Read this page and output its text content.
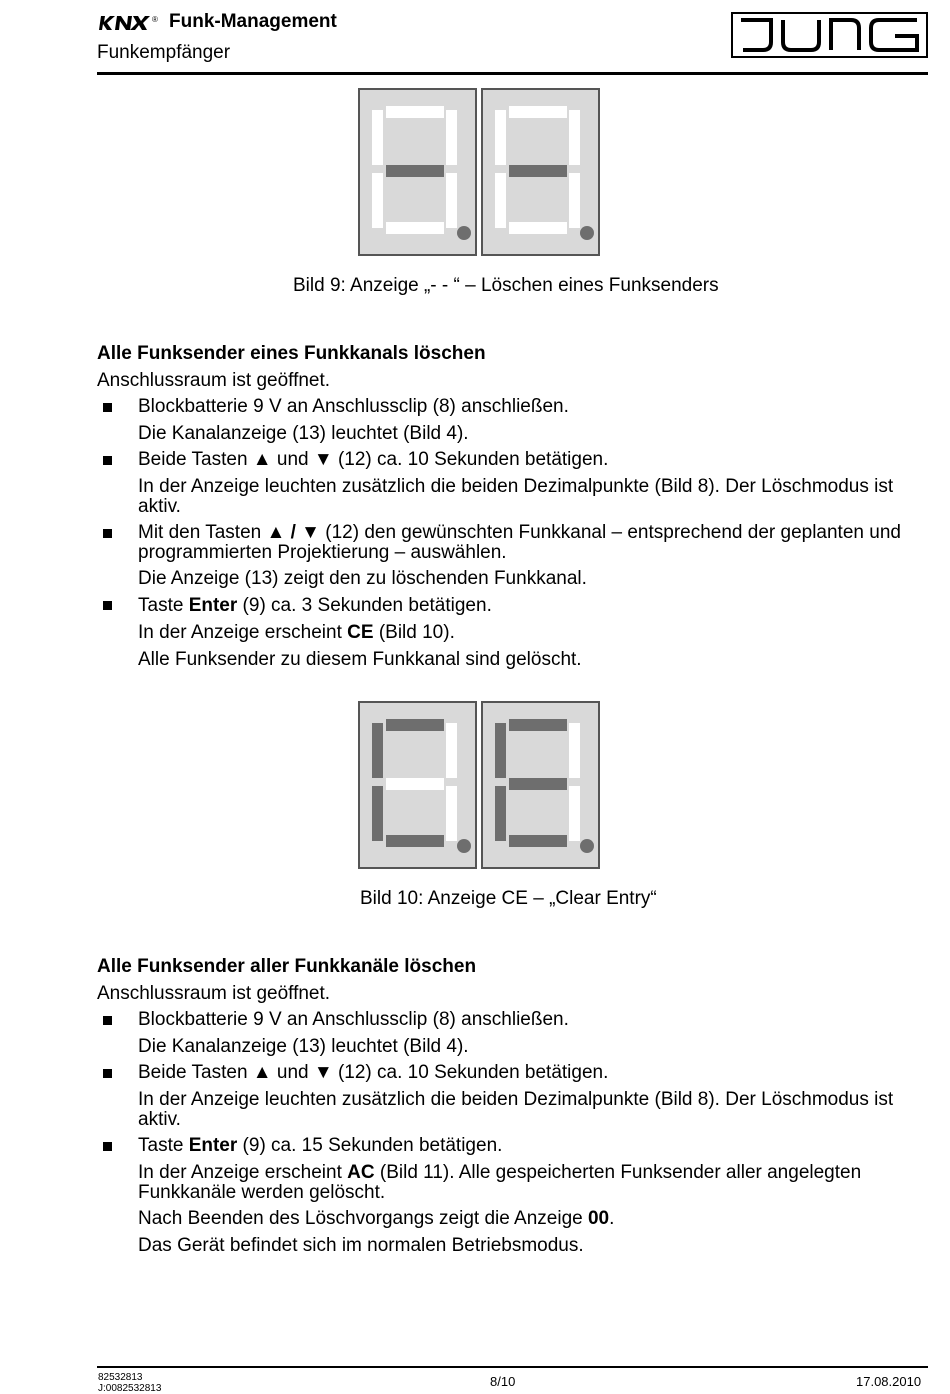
® Funk-Management
Funkempfänger
Bild 9: Anzeige „- - “ – Löschen eines Funksenders
Alle Funksender eines Funkkanals löschen
Anschlussraum ist geöffnet.
Blockbatterie 9 V an Anschlussclip (8) anschließen.
Die Kanalanzeige (13) leuchtet (Bild 4).
Beide Tasten ▲ und ▼ (12) ca. 10 Sekunden betätigen.
In der Anzeige leuchten zusätzlich die beiden Dezimalpunkte (Bild 8). Der Löschmodus ist
aktiv.
Mit den Tasten ▲ / ▼ (12) den gewünschten Funkkanal – entsprechend der geplanten und
programmierten Projektierung – auswählen.
Die Anzeige (13) zeigt den zu löschenden Funkkanal.
Taste Enter (9) ca. 3 Sekunden betätigen.
In der Anzeige erscheint CE (Bild 10).
Alle Funksender zu diesem Funkkanal sind gelöscht.
Bild 10: Anzeige CE – „Clear Entry“
Alle Funksender aller Funkkanäle löschen
Anschlussraum ist geöffnet.
Blockbatterie 9 V an Anschlussclip (8) anschließen.
Die Kanalanzeige (13) leuchtet (Bild 4).
Beide Tasten ▲ und ▼ (12) ca. 10 Sekunden betätigen.
In der Anzeige leuchten zusätzlich die beiden Dezimalpunkte (Bild 8). Der Löschmodus ist
aktiv.
Taste Enter (9) ca. 15 Sekunden betätigen.
In der Anzeige erscheint AC (Bild 11). Alle gespeicherten Funksender aller angelegten
Funkkanäle werden gelöscht.
Nach Beenden des Löschvorgangs zeigt die Anzeige 00.
Das Gerät befindet sich im normalen Betriebsmodus.
82532813
J:0082532813	8/10	17.08.2010
